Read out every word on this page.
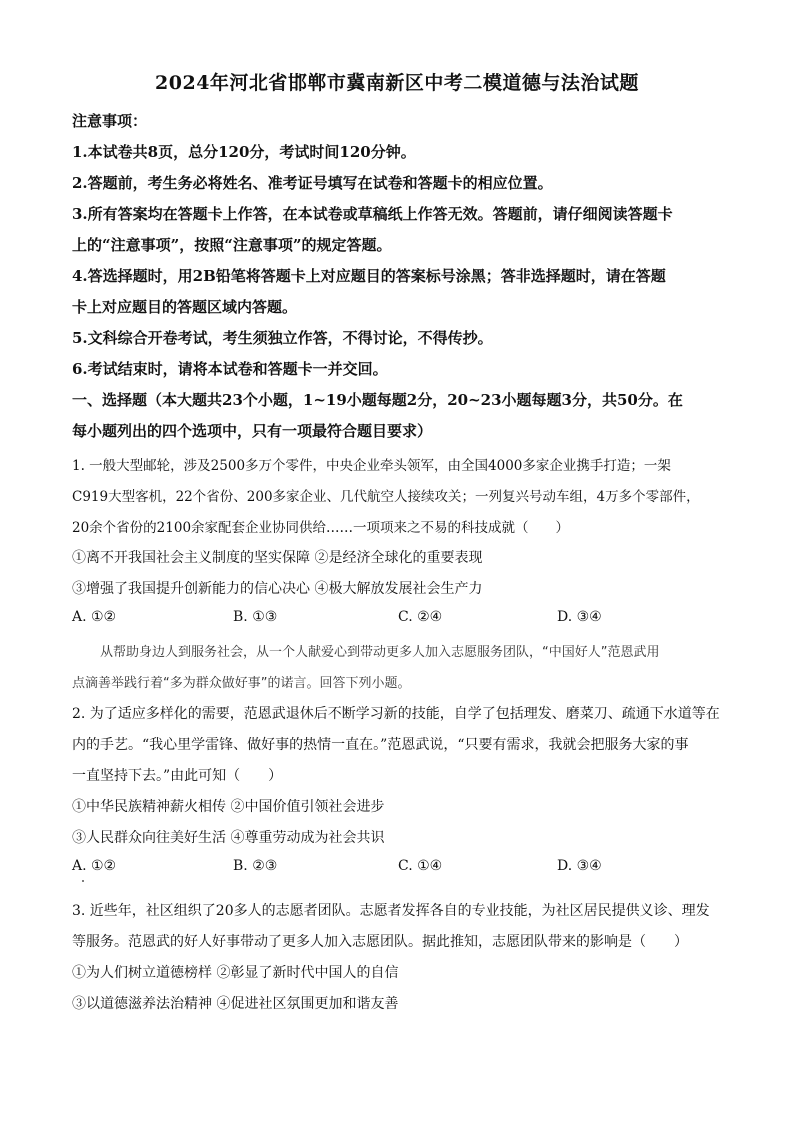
2024年河北省邯郸市冀南新区中考二模道德与法治试题
注意事项：
1.本试卷共8页，总分120分，考试时间120分钟。
2.答题前，考生务必将姓名、准考证号填写在试卷和答题卡的相应位置。
3.所有答案均在答题卡上作答，在本试卷或草稿纸上作答无效。答题前，请仔细阅读答题卡
上的“注意事项”，按照“注意事项”的规定答题。
4.答选择题时，用2B铅笔将答题卡上对应题目的答案标号涂黑；答非选择题时，请在答题
卡上对应题目的答题区域内答题。
5.文科综合开卷考试，考生须独立作答，不得讨论，不得传抄。
6.考试结束时，请将本试卷和答题卡一并交回。
一、选择题（本大题共23个小题，1~19小题每题2分，20~23小题每题3分，共50分。在
每小题列出的四个选项中，只有一项最符合题目要求）
1. 一般大型邮轮，涉及2500多万个零件，中央企业牵头领军，由全国4000多家企业携手打造；一架
C919大型客机，22个省份、200多家企业、几代航空人接续攻关；一列复兴号动车组，4万多个零部件，
20余个省份的2100余家配套企业协同供给……一项项来之不易的科技成就（　　）
①离不开我国社会主义制度的坚实保障 ②是经济全球化的重要表现
③增强了我国提升创新能力的信心决心 ④极大解放发展社会生产力
A. ①②	B. ①③	C. ②④	D. ③④
从帮助身边人到服务社会，从一个人献爱心到带动更多人加入志愿服务团队，“中国好人”范恩武用
点滴善举践行着“多为群众做好事”的诺言。回答下列小题。
2. 为了适应多样化的需要，范恩武退休后不断学习新的技能，自学了包括理发、磨菜刀、疏通下水道等在
内的手艺。“我心里学雷锋、做好事的热情一直在。”范恩武说，“只要有需求，我就会把服务大家的事
一直坚持下去。”由此可知（　　）
①中华民族精神薪火相传 ②中国价值引领社会进步
③人民群众向往美好生活 ④尊重劳动成为社会共识
A. ①②	B. ②③	C. ①④	D. ③④
3. 近些年，社区组织了20多人的志愿者团队。志愿者发挥各自的专业技能，为社区居民提供义诊、理发
等服务。范恩武的好人好事带动了更多人加入志愿团队。据此推知，志愿团队带来的影响是（　　）
①为人们树立道德榜样 ②彰显了新时代中国人的自信
③以道德滋养法治精神 ④促进社区氛围更加和谐友善
